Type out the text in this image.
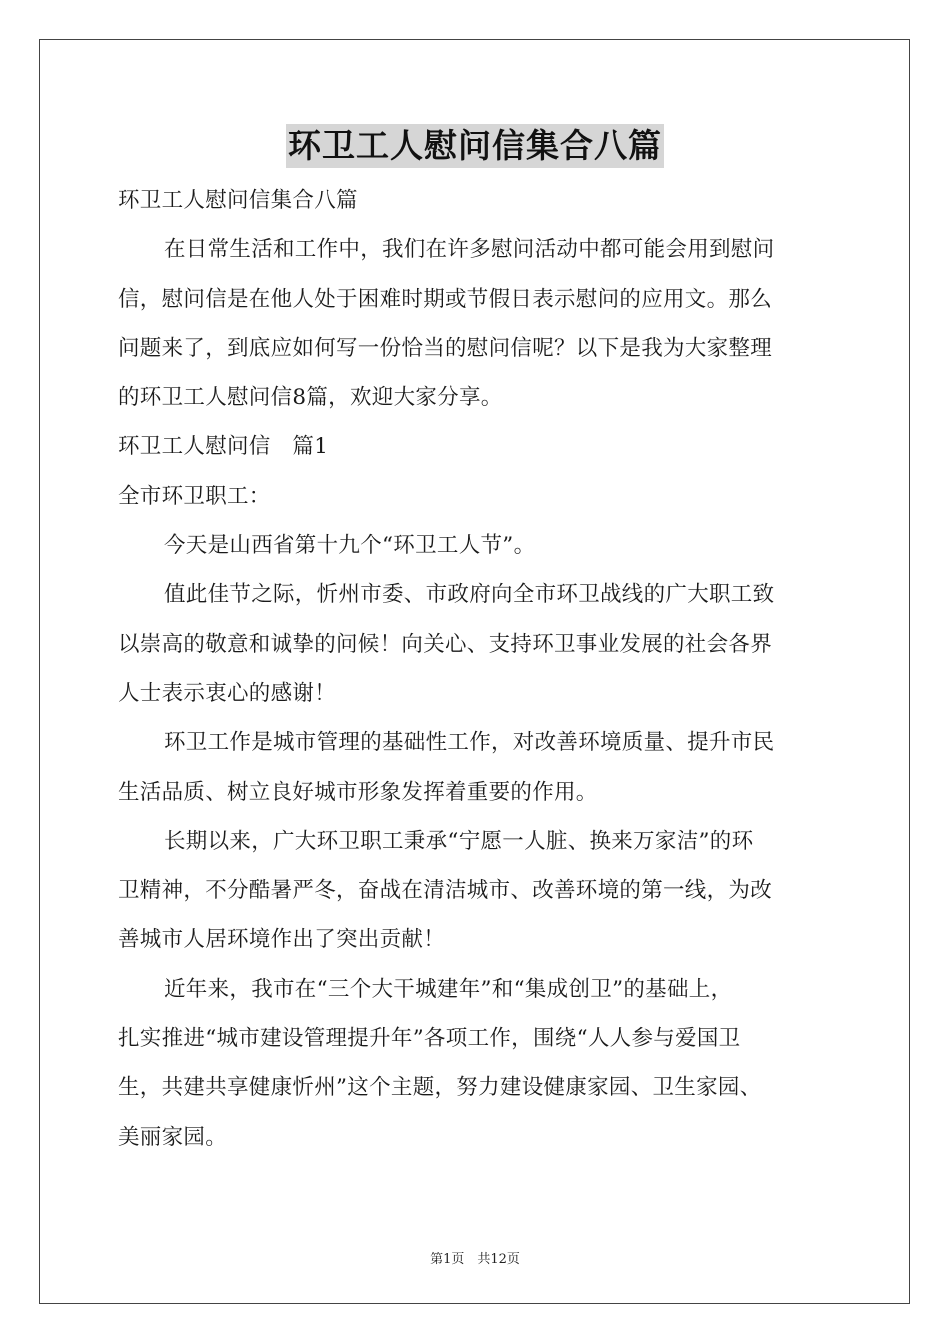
环卫工人慰问信集合八篇
环卫工人慰问信集合八篇
在日常生活和工作中，我们在许多慰问活动中都可能会用到慰问
信，慰问信是在他人处于困难时期或节假日表示慰问的应用文。那么
问题来了，到底应如何写一份恰当的慰问信呢？以下是我为大家整理
的环卫工人慰问信8篇，欢迎大家分享。
环卫工人慰问信　篇1
全市环卫职工：
今天是山西省第十九个“环卫工人节”。
值此佳节之际，忻州市委、市政府向全市环卫战线的广大职工致
以崇高的敬意和诚挚的问候！向关心、支持环卫事业发展的社会各界
人士表示衷心的感谢！
环卫工作是城市管理的基础性工作，对改善环境质量、提升市民
生活品质、树立良好城市形象发挥着重要的作用。
长期以来，广大环卫职工秉承“宁愿一人脏、换来万家洁”的环
卫精神，不分酷暑严冬，奋战在清洁城市、改善环境的第一线，为改
善城市人居环境作出了突出贡献！
近年来，我市在“三个大干城建年”和“集成创卫”的基础上，
扎实推进“城市建设管理提升年”各项工作，围绕“人人参与爱国卫
生，共建共享健康忻州”这个主题，努力建设健康家园、卫生家园、
美丽家园。
第1页　共12页
